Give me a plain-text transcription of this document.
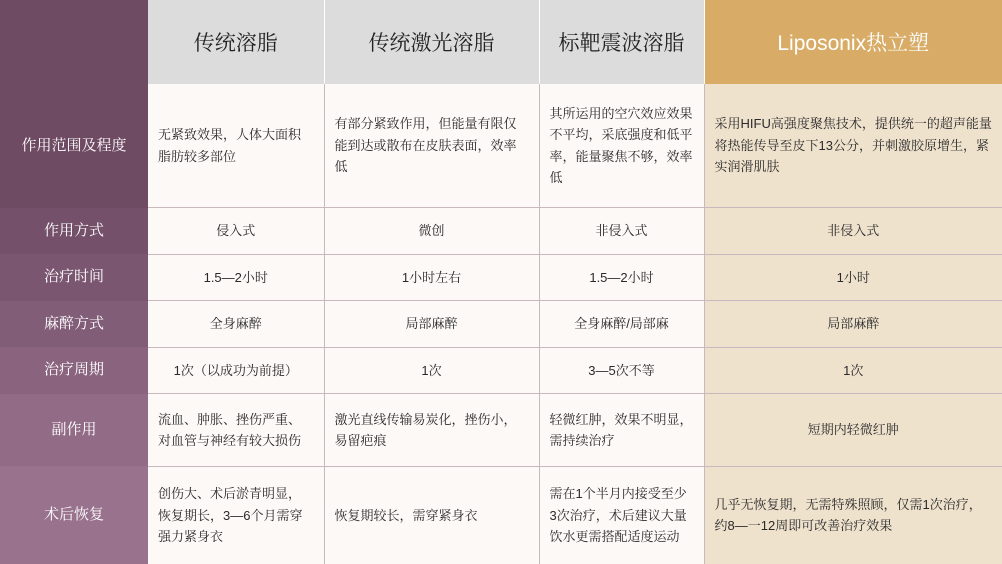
	传统溶脂	传统激光溶脂	标靶震波溶脂	Liposonix热立塑
作用范围及程度	无紧致效果，人体大面积脂肪较多部位	有部分紧致作用，但能量有限仅能到达或散布在皮肤表面，效率低	其所运用的空穴效应效果不平均，采底强度和低平率，能量聚焦不够，效率低	采用HIFU高强度聚焦技术，提供统一的超声能量将热能传导至皮下13公分，并刺激胶原增生，紧实润滑肌肤
作用方式	侵入式	微创	非侵入式	非侵入式
治疗时间	1.5—2小时	1小时左右	1.5—2小时	1小时
麻醉方式	全身麻醉	局部麻醉	全身麻醉/局部麻	局部麻醉
治疗周期	1次（以成功为前提）	1次	3—5次不等	1次
副作用	流血、肿胀、挫伤严重、对血管与神经有较大损伤	激光直线传输易炭化，挫伤小，易留疤痕	轻微红肿，效果不明显，需持续治疗	短期内轻微红肿
术后恢复	创伤大、术后淤青明显，恢复期长，3—6个月需穿强力紧身衣	恢复期较长，需穿紧身衣	需在1个半月内接受至少3次治疗，术后建议大量饮水更需搭配适度运动	几乎无恢复期，无需特殊照顾，仅需1次治疗，约8—一12周即可改善治疗效果
